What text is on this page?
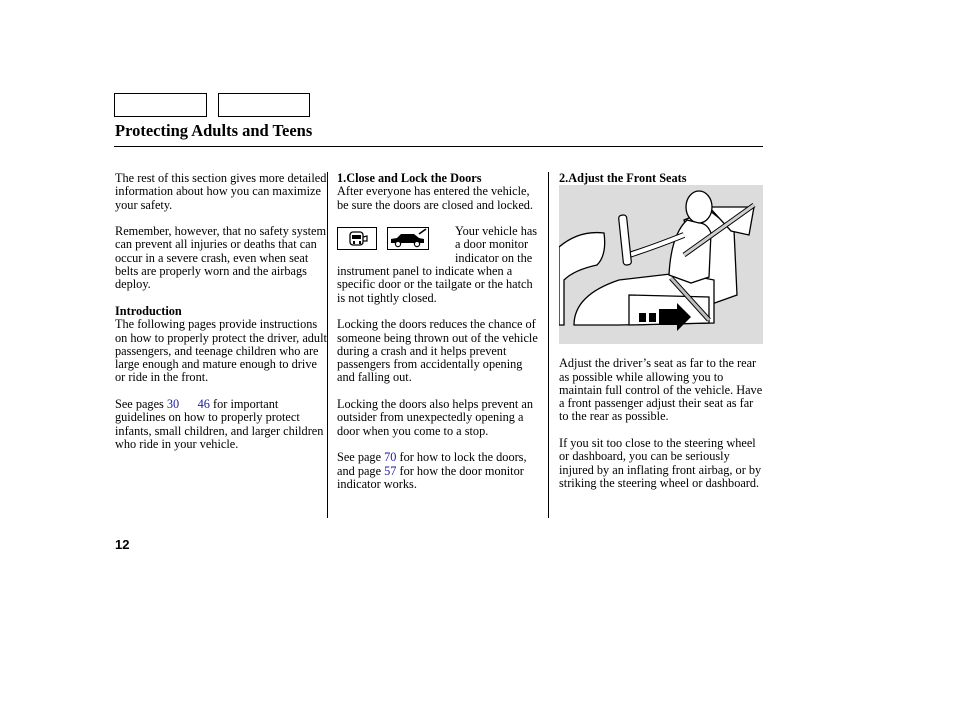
Protecting Adults and Teens

The rest of this section gives more detailed information about how you can maximize your safety.

Remember, however, that no safety system can prevent all injuries or deaths that can occur in a severe crash, even when seat belts are properly worn and the airbags deploy.

Introduction

The following pages provide instructions on how to properly protect the driver, adult passengers, and teenage children who are large enough and mature enough to drive or ride in the front.

See pages 30 46 for important guidelines on how to properly protect infants, small children, and larger children who ride in your vehicle.

1.Close and Lock the Doors

After everyone has entered the vehicle, be sure the doors are closed and locked.

Your vehicle has a door monitor indicator on the instrument panel to indicate when a specific door or the tailgate or the hatch is not tightly closed.

Locking the doors reduces the chance of someone being thrown out of the vehicle during a crash and it helps prevent passengers from accidentally opening and falling out.

Locking the doors also helps prevent an outsider from unexpectedly opening a door when you come to a stop.

See page 70 for how to lock the doors, and page 57 for how the door monitor indicator works.

2.Adjust the Front Seats

Adjust the driver’s seat as far to the rear as possible while allowing you to maintain full control of the vehicle. Have a front passenger adjust their seat as far to the rear as possible.

If you sit too close to the steering wheel or dashboard, you can be seriously injured by an inflating front airbag, or by striking the steering wheel or dashboard.

12
